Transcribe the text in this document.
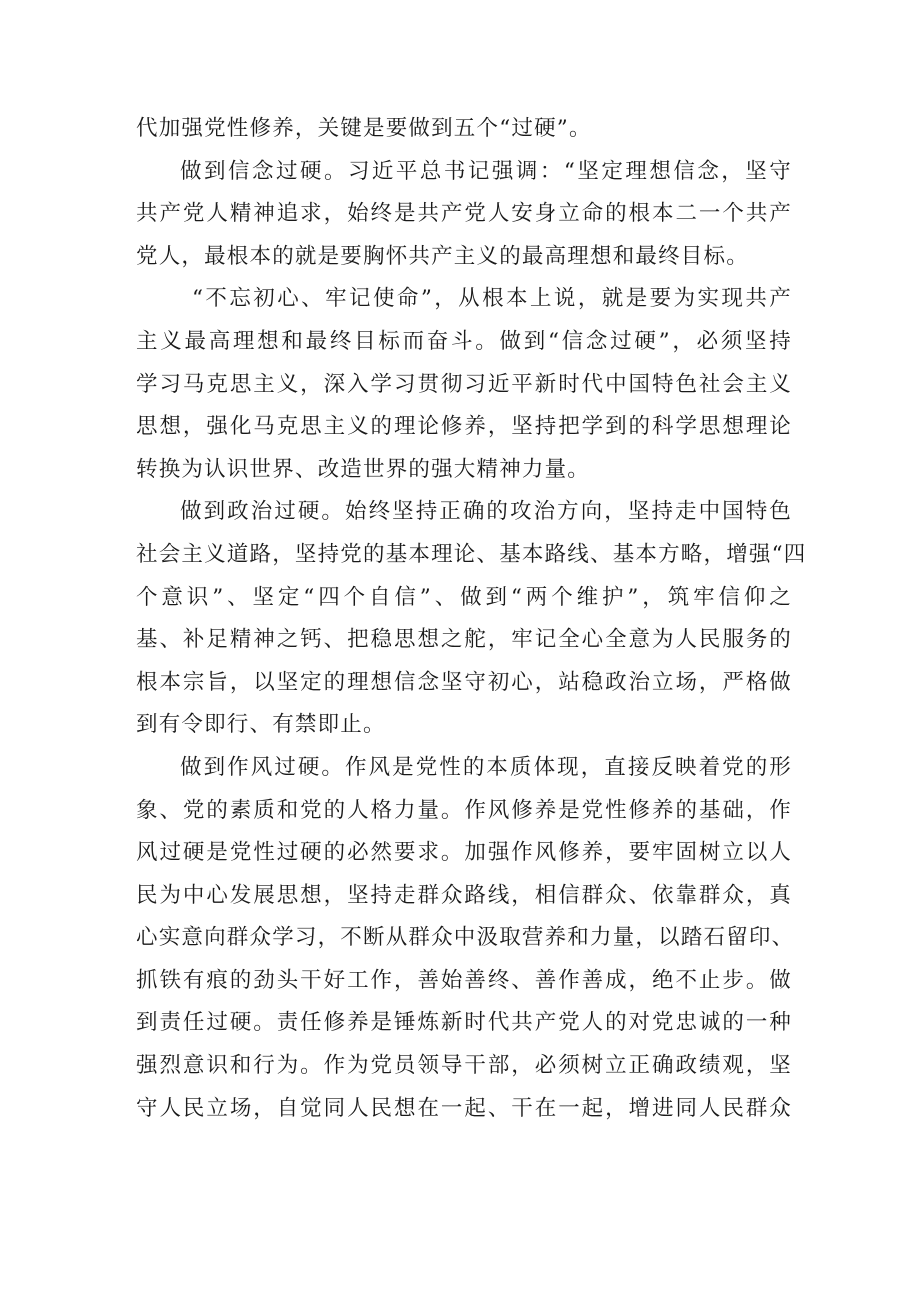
代加强党性修养，关键是要做到五个“过硬”。
做到信念过硬。习近平总书记强调：“坚定理想信念，坚守
共产党人精神追求，始终是共产党人安身立命的根本二一个共产
党人，最根本的就是要胸怀共产主义的最高理想和最终目标。
“不忘初心、牢记使命”，从根本上说，就是要为实现共产
主义最高理想和最终目标而奋斗。做到“信念过硬”，必须坚持
学习马克思主义，深入学习贯彻习近平新时代中国特色社会主义
思想，强化马克思主义的理论修养，坚持把学到的科学思想理论
转换为认识世界、改造世界的强大精神力量。
做到政治过硬。始终坚持正确的攻治方向，坚持走中国特色
社会主义道路，坚持党的基本理论、基本路线、基本方略，增强“四
个意识”、坚定“四个自信”、做到“两个维护”，筑牢信仰之
基、补足精神之钙、把稳思想之舵，牢记全心全意为人民服务的
根本宗旨，以坚定的理想信念坚守初心，站稳政治立场，严格做
到有令即行、有禁即止。
做到作风过硬。作风是党性的本质体现，直接反映着党的形
象、党的素质和党的人格力量。作风修养是党性修养的基础，作
风过硬是党性过硬的必然要求。加强作风修养，要牢固树立以人
民为中心发展思想，坚持走群众路线，相信群众、依靠群众，真
心实意向群众学习，不断从群众中汲取营养和力量，以踏石留印、
抓铁有痕的劲头干好工作，善始善终、善作善成，绝不止步。做
到责任过硬。责任修养是锤炼新时代共产党人的对党忠诚的一种
强烈意识和行为。作为党员领导干部，必须树立正确政绩观，坚
守人民立场，自觉同人民想在一起、干在一起，增进同人民群众
